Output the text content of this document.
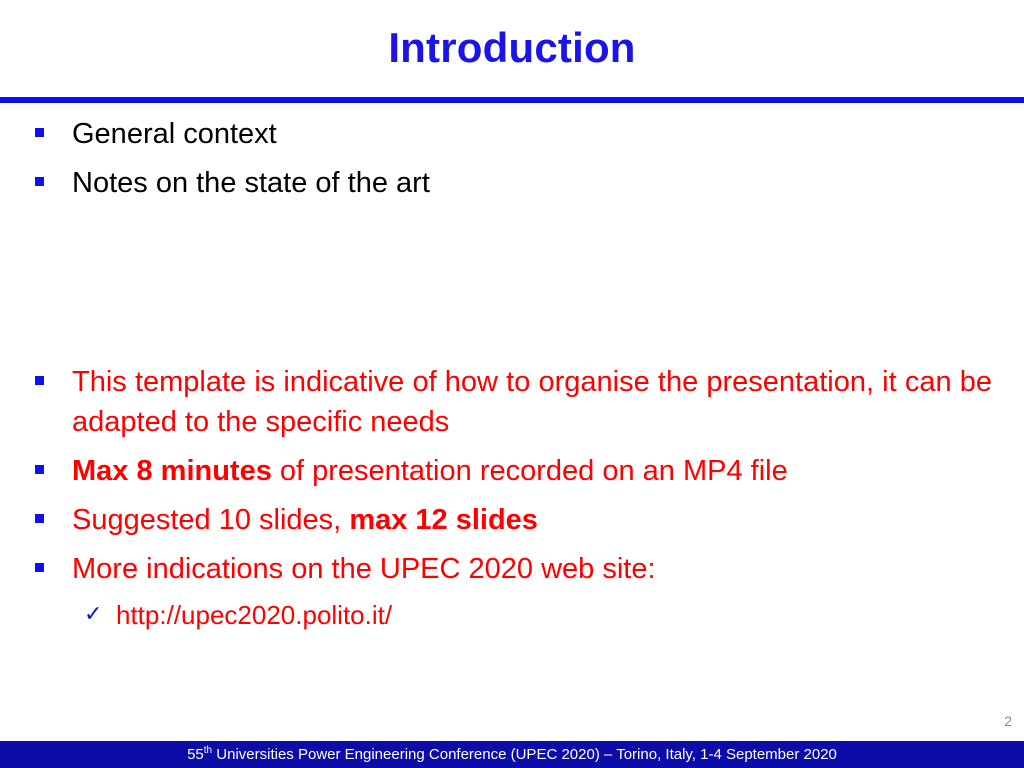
Introduction
General context
Notes on the state of the art
This template is indicative of how to organise the presentation, it can be adapted to the specific needs
Max 8 minutes of presentation recorded on an MP4 file
Suggested 10 slides, max 12 slides
More indications on the UPEC 2020 web site:
✓ http://upec2020.polito.it/
2
55th Universities Power Engineering Conference (UPEC 2020) – Torino, Italy, 1-4 September 2020
